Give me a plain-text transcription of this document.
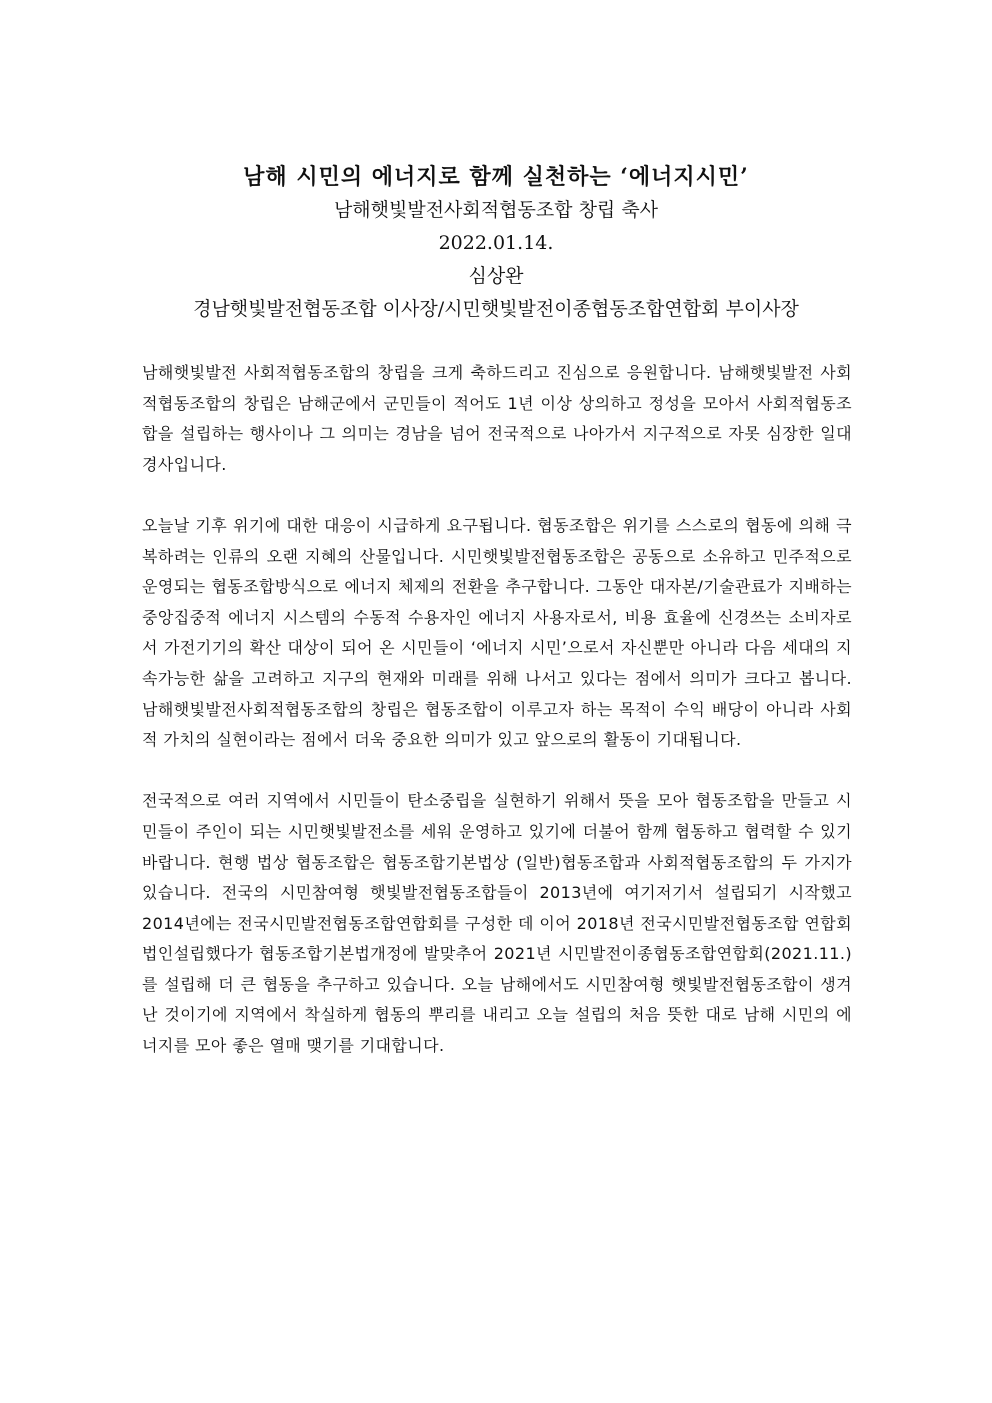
남해 시민의 에너지로 함께 실천하는 ‘에너지시민’

남해햇빛발전사회적협동조합 창립 축사

2022.01.14.

심상완

경남햇빛발전협동조합 이사장/시민햇빛발전이종협동조합연합회 부이사장

남해햇빛발전 사회적협동조합의 창립을 크게 축하드리고 진심으로 응원합니다. 남해햇빛발전 사회적협동조합의 창립은 남해군에서 군민들이 적어도 1년 이상 상의하고 정성을 모아서 사회적협동조합을 설립하는 행사이나 그 의미는 경남을 넘어 전국적으로 나아가서 지구적으로 자못 심장한 일대 경사입니다.

오늘날 기후 위기에 대한 대응이 시급하게 요구됩니다. 협동조합은 위기를 스스로의 협동에 의해 극복하려는 인류의 오랜 지혜의 산물입니다. 시민햇빛발전협동조합은 공동으로 소유하고 민주적으로 운영되는 협동조합방식으로 에너지 체제의 전환을 추구합니다. 그동안 대자본/기술관료가 지배하는 중앙집중적 에너지 시스템의 수동적 수용자인 에너지 사용자로서, 비용 효율에 신경쓰는 소비자로서 가전기기의 확산 대상이 되어 온 시민들이 ‘에너지 시민’으로서 자신뿐만 아니라 다음 세대의 지속가능한 삶을 고려하고 지구의 현재와 미래를 위해 나서고 있다는 점에서 의미가 크다고 봅니다. 남해햇빛발전사회적협동조합의 창립은 협동조합이 이루고자 하는 목적이 수익 배당이 아니라 사회적 가치의 실현이라는 점에서 더욱 중요한 의미가 있고 앞으로의 활동이 기대됩니다.

전국적으로 여러 지역에서 시민들이 탄소중립을 실현하기 위해서 뜻을 모아 협동조합을 만들고 시민들이 주인이 되는 시민햇빛발전소를 세워 운영하고 있기에 더불어 함께 협동하고 협력할 수 있기 바랍니다. 현행 법상 협동조합은 협동조합기본법상 (일반)협동조합과 사회적협동조합의 두 가지가 있습니다. 전국의 시민참여형 햇빛발전협동조합들이 2013년에 여기저기서 설립되기 시작했고 2014년에는 전국시민발전협동조합연합회를 구성한 데 이어 2018년 전국시민발전협동조합 연합회 법인설립했다가 협동조합기본법개정에 발맞추어 2021년 시민발전이종협동조합연합회(2021.11.)를 설립해 더 큰 협동을 추구하고 있습니다. 오늘 남해에서도 시민참여형 햇빛발전협동조합이 생겨난 것이기에 지역에서 착실하게 협동의 뿌리를 내리고 오늘 설립의 처음 뜻한 대로 남해 시민의 에너지를 모아 좋은 열매 맺기를 기대합니다.
